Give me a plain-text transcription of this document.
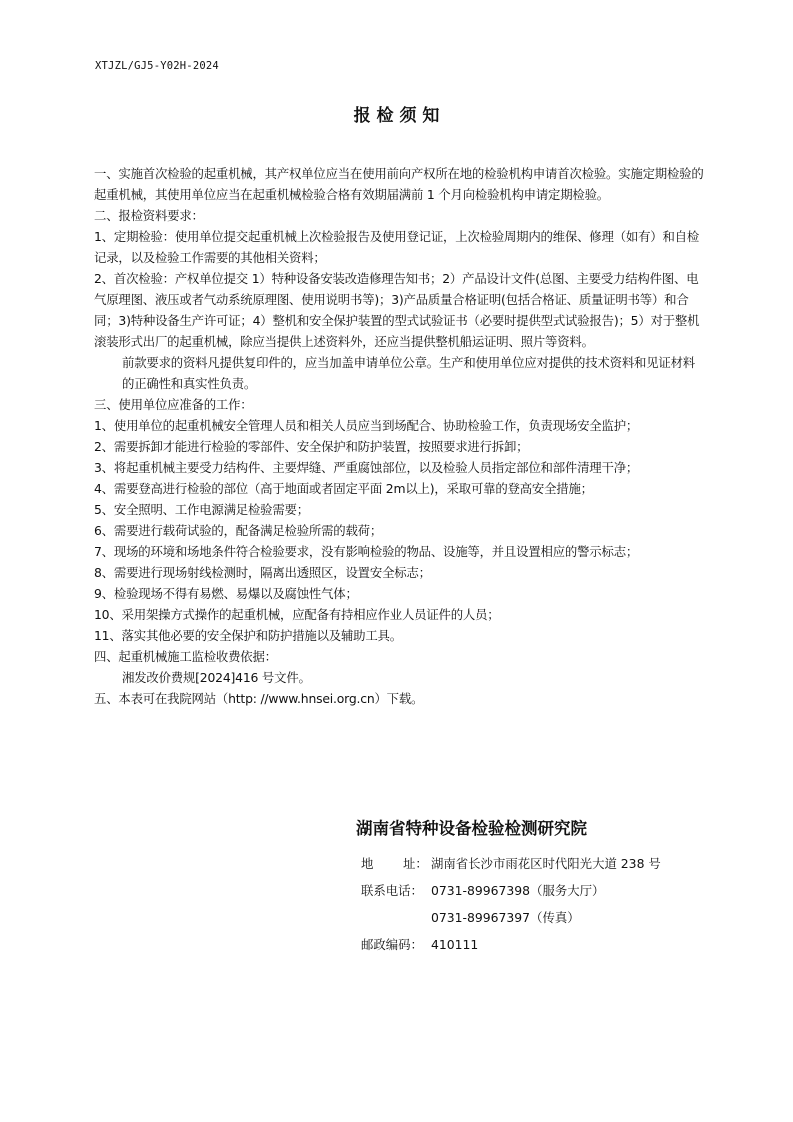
XTJZL/GJ5-Y02H-2024
报 检 须 知

一、实施首次检验的起重机械，其产权单位应当在使用前向产权所在地的检验机构申请首次检验。实施定期检验的起重机械，其使用单位应当在起重机械检验合格有效期届满前 1 个月向检验机构申请定期检验。

二、报检资料要求：

1、定期检验：使用单位提交起重机械上次检验报告及使用登记证，上次检验周期内的维保、修理（如有）和自检记录，以及检验工作需要的其他相关资料；

2、首次检验：产权单位提交 1）特种设备安装改造修理告知书；2）产品设计文件(总图、主要受力结构件图、电气原理图、液压或者气动系统原理图、使用说明书等)；3)产品质量合格证明(包括合格证、质量证明书等）和合同；3)特种设备生产许可证；4）整机和安全保护装置的型式试验证书（必要时提供型式试验报告)；5）对于整机滚装形式出厂的起重机械，除应当提供上述资料外，还应当提供整机船运证明、照片等资料。

前款要求的资料凡提供复印件的，应当加盖申请单位公章。生产和使用单位应对提供的技术资料和见证材料的正确性和真实性负责。

三、使用单位应准备的工作：

1、使用单位的起重机械安全管理人员和相关人员应当到场配合、协助检验工作，负责现场安全监护；

2、需要拆卸才能进行检验的零部件、安全保护和防护装置，按照要求进行拆卸；

3、将起重机械主要受力结构件、主要焊缝、严重腐蚀部位，以及检验人员指定部位和部件清理干净；

4、需要登高进行检验的部位（高于地面或者固定平面 2m以上)，采取可靠的登高安全措施；

5、安全照明、工作电源满足检验需要；

6、需要进行载荷试验的，配备满足检验所需的载荷；

7、现场的环境和场地条件符合检验要求，没有影响检验的物品、设施等，并且设置相应的警示标志；

8、需要进行现场射线检测时，隔离出透照区，设置安全标志；

9、检验现场不得有易燃、易爆以及腐蚀性气体；

10、采用架操方式操作的起重机械，应配备有持相应作业人员证件的人员；

11、落实其他必要的安全保护和防护措施以及辅助工具。

四、起重机械施工监检收费依据：

湘发改价费规[2024]416 号文件。

五、本表可在我院网站（http: //www.hnsei.org.cn）下载。

湖南省特种设备检验检测研究院
地 址： 湖南省长沙市雨花区时代阳光大道 238 号
联系电话： 0731-89967398（服务大厅）
0731-89967397（传真）
邮政编码： 410111
